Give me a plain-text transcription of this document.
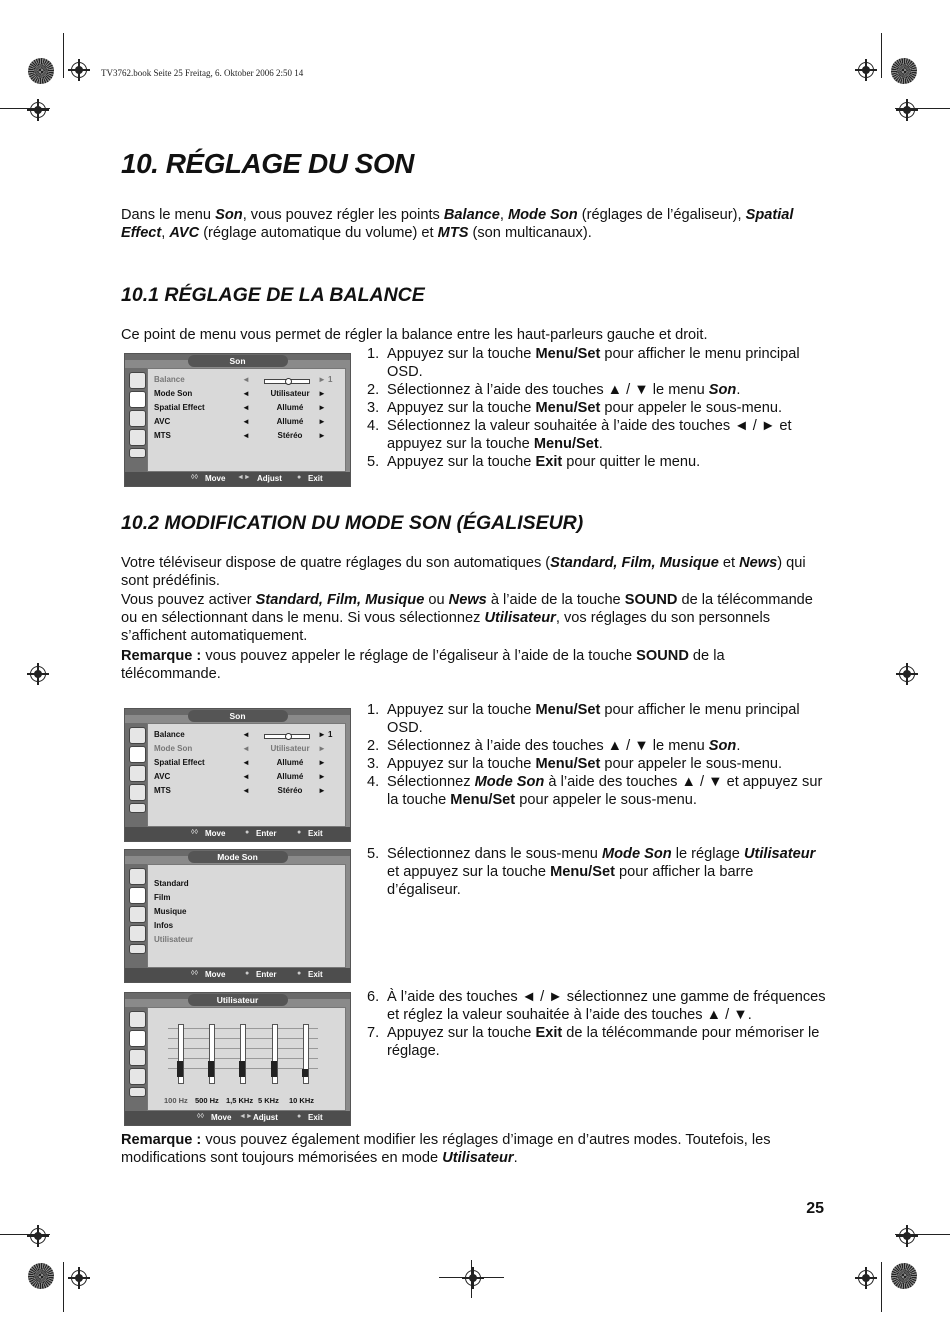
TV3762.book Seite 25 Freitag, 6. Oktober 2006 2:50 14
10. RÉGLAGE DU SON

Dans le menu Son, vous pouvez régler les points Balance, Mode Son (réglages de l’égaliseur), Spatial Effect, AVC (réglage automatique du volume) et MTS (son multicanaux).

10.1 RÉGLAGE DE LA BALANCE

Ce point de menu vous permet de régler la balance entre les haut-parleurs gauche et droit.

Son
Balance	◄	► 1
Mode Son	◄	Utilisateur	►
Spatial Effect	◄	Allumé	►
AVC	◄	Allumé	►
MTS	◄	Stéréo	►
◊◊ Move ◄► Adjust ● Exit
1. Appuyez sur la touche Menu/Set pour afficher le menu principal OSD.
2. Sélectionnez à l’aide des touches ▲ / ▼ le menu Son.
3. Appuyez sur la touche Menu/Set pour appeler le sous-menu.
4. Sélectionnez la valeur souhaitée à l’aide des touches ◄ / ► et appuyez sur la touche Menu/Set.
5. Appuyez sur la touche Exit pour quitter le menu.
10.2 MODIFICATION DU MODE SON (ÉGALISEUR)

Votre téléviseur dispose de quatre réglages du son automatiques (Standard, Film, Musique et News) qui sont prédéfinis.

Vous pouvez activer Standard, Film, Musique ou News à l’aide de la touche SOUND de la télécommande ou en sélectionnant dans le menu. Si vous sélectionnez Utilisateur, vos réglages du son personnels s’affichent automatiquement.

Remarque : vous pouvez appeler le réglage de l’égaliseur à l’aide de la touche SOUND de la télécommande.

Son
Balance	◄	► 1
Mode Son	◄	Utilisateur	►
Spatial Effect	◄	Allumé	►
AVC	◄	Allumé	►
MTS	◄	Stéréo	►
◊◊ Move	● Enter	● Exit
1. Appuyez sur la touche Menu/Set pour afficher le menu principal OSD.
2. Sélectionnez à l’aide des touches ▲ / ▼ le menu Son.
3. Appuyez sur la touche Menu/Set pour appeler le sous-menu.
4. Sélectionnez Mode Son à l’aide des touches ▲ / ▼ et appuyez sur la touche Menu/Set pour appeler le sous-menu.
Mode Son
Standard
Film
Musique
Infos
Utilisateur
◊◊ Move	● Enter	● Exit
5. Sélectionnez dans le sous-menu Mode Son le réglage Utilisateur et appuyez sur la touche Menu/Set pour afficher la barre d’égaliseur.
Utilisateur
100 Hz 500 Hz 1,5 KHz 5 KHz 10 KHz
◊◊ Move ◄► Adjust	● Exit
6. À l’aide des touches ◄ / ► sélectionnez une gamme de fréquences et réglez la valeur souhaitée à l’aide des touches ▲ / ▼.
7. Appuyez sur la touche Exit de la télécommande pour mémoriser le réglage.

Remarque : vous pouvez également modifier les réglages d’image en d’autres modes. Toutefois, les modifications sont toujours mémorisées en mode Utilisateur.

25
